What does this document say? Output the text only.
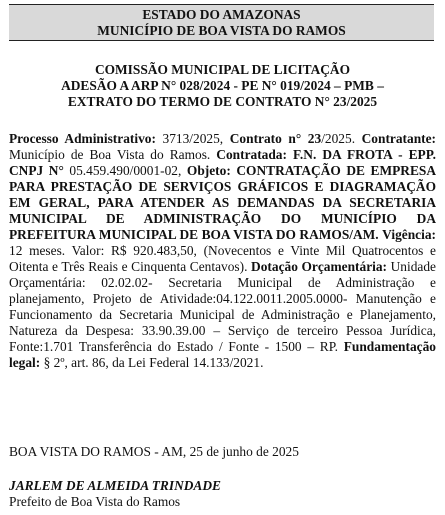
ESTADO DO AMAZONAS
MUNICÍPIO DE BOA VISTA DO RAMOS
COMISSÃO MUNICIPAL DE LICITAÇÃO
ADESÃO A ARP N° 028/2024 - PE N° 019/2024 – PMB –
EXTRATO DO TERMO DE CONTRATO N° 23/2025
Processo Administrativo: 3713/2025, Contrato n° 23/2025. Contratante: Município de Boa Vista do Ramos. Contratada: F.N. DA FROTA - EPP. CNPJ N° 05.459.490/0001-02, Objeto: CONTRATAÇÃO DE EMPRESA PARA PRESTAÇÃO DE SERVIÇOS GRÁFICOS E DIAGRAMAÇÃO EM GERAL, PARA ATENDER AS DEMANDAS DA SECRETARIA MUNICIPAL DE ADMINISTRAÇÃO DO MUNICÍPIO DA PREFEITURA MUNICIPAL DE BOA VISTA DO RAMOS/AM. Vigência: 12 meses. Valor: R$ 920.483,50, (Novecentos e Vinte Mil Quatrocentos e Oitenta e Três Reais e Cinquenta Centavos). Dotação Orçamentária: Unidade Orçamentária: 02.02.02- Secretaria Municipal de Administração e planejamento, Projeto de Atividade:04.122.0011.2005.0000- Manutenção e Funcionamento da Secretaria Municipal de Administração e Planejamento, Natureza da Despesa: 33.90.39.00 – Serviço de terceiro Pessoa Jurídica, Fonte:1.701 Transferência do Estado / Fonte - 1500 – RP. Fundamentação legal: § 2º, art. 86, da Lei Federal 14.133/2021.
BOA VISTA DO RAMOS - AM, 25 de junho de 2025
JARLEM DE ALMEIDA TRINDADE
Prefeito de Boa Vista do Ramos
